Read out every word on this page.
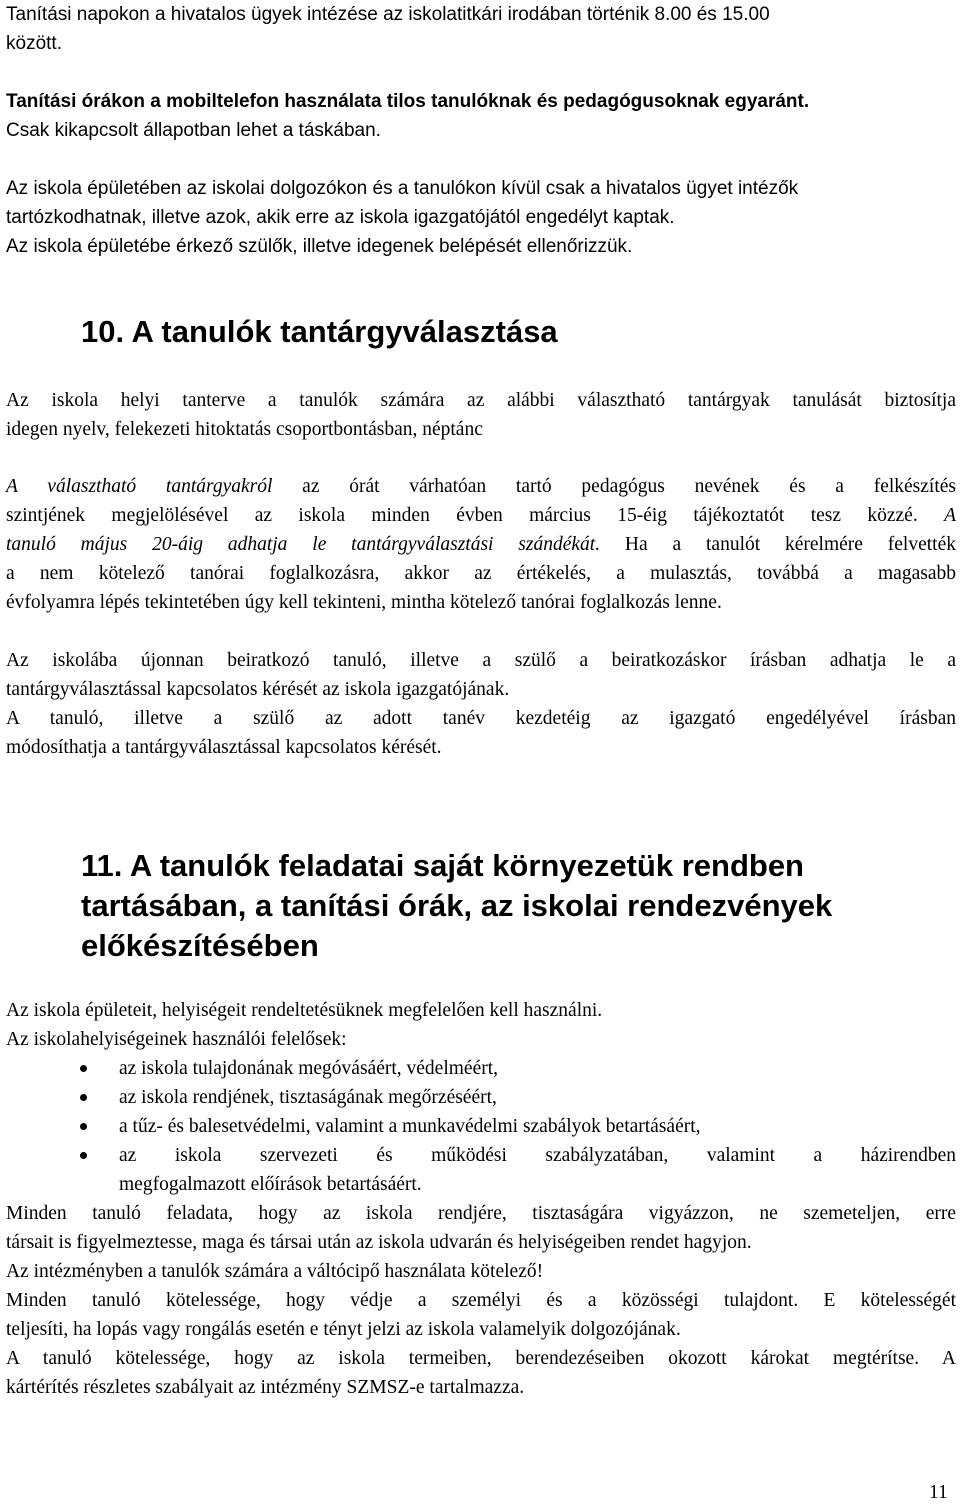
Tanítási napokon a hivatalos ügyek intézése az iskolatitkári irodában történik 8.00 és 15.00
között.
Tanítási órákon a mobiltelefon használata tilos tanulóknak és pedagógusoknak egyaránt.
Csak kikapcsolt állapotban lehet a táskában.
Az iskola épületében az iskolai dolgozókon és a tanulókon kívül csak a hivatalos ügyet intézők
tartózkodhatnak, illetve azok, akik erre az iskola igazgatójától engedélyt kaptak.
Az iskola épületébe érkező szülők, illetve idegenek belépését ellenőrizzük.
10. A tanulók tantárgyválasztása
Az iskola helyi tanterve a tanulók számára az alábbi választható tantárgyak tanulását biztosítja
idegen nyelv, felekezeti hitoktatás csoportbontásban, néptánc
A választható tantárgyakról az órát várhatóan tartó pedagógus nevének és a felkészítés
szintjének megjelölésével az iskola minden évben március 15-éig tájékoztatót tesz közzé. A
tanuló május 20-áig adhatja le tantárgyválasztási szándékát. Ha a tanulót kérelmére felvették
a nem kötelező tanórai foglalkozásra, akkor az értékelés, a mulasztás, továbbá a magasabb
évfolyamra lépés tekintetében úgy kell tekinteni, mintha kötelező tanórai foglalkozás lenne.
Az iskolába újonnan beiratkozó tanuló, illetve a szülő a beiratkozáskor írásban adhatja le a
tantárgyválasztással kapcsolatos kérését az iskola igazgatójának.
A tanuló, illetve a szülő az adott tanév kezdetéig az igazgató engedélyével írásban
módosíthatja a tantárgyválasztással kapcsolatos kérését.
11. A tanulók feladatai saját környezetük rendben
tartásában, a tanítási órák, az iskolai rendezvények
előkészítésében
Az iskola épületeit, helyiségeit rendeltetésüknek megfelelően kell használni.
Az iskolahelyiségeinek használói felelősek:
az iskola tulajdonának megóvásáért, védelméért,
az iskola rendjének, tisztaságának megőrzéséért,
a tűz- és balesetvédelmi, valamint a munkavédelmi szabályok betartásáért,
az iskola szervezeti és működési szabályzatában, valamint a házirendben
megfogalmazott előírások betartásáért.
Minden tanuló feladata, hogy az iskola rendjére, tisztaságára vigyázzon, ne szemeteljen, erre
társait is figyelmeztesse, maga és társai után az iskola udvarán és helyiségeiben rendet hagyjon.
Az intézményben a tanulók számára a váltócipő használata kötelező!
Minden tanuló kötelessége, hogy védje a személyi és a közösségi tulajdont. E kötelességét
teljesíti, ha lopás vagy rongálás esetén e tényt jelzi az iskola valamelyik dolgozójának.
A tanuló kötelessége, hogy az iskola termeiben, berendezéseiben okozott károkat megtérítse. A
kártérítés részletes szabályait az intézmény SZMSZ-e tartalmazza.
11
